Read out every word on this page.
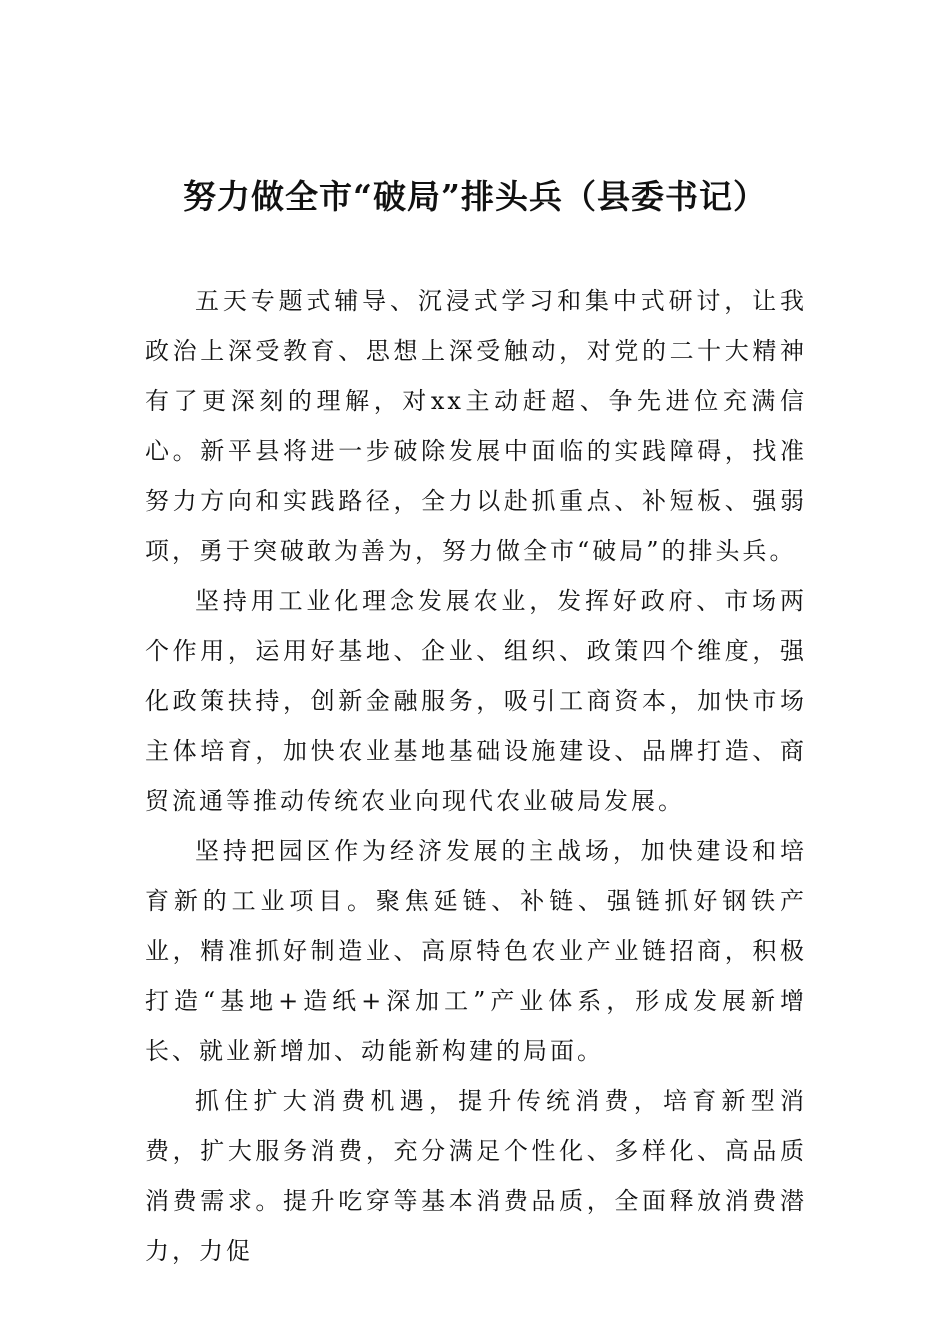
努力做全市“破局”排头兵（县委书记）

五天专题式辅导、沉浸式学习和集中式研讨，让我政治上深受教育、思想上深受触动，对党的二十大精神有了更深刻的理解，对xx主动赶超、争先进位充满信心。新平县将进一步破除发展中面临的实践障碍，找准努力方向和实践路径，全力以赴抓重点、补短板、强弱项，勇于突破敢为善为，努力做全市“破局”的排头兵。

坚持用工业化理念发展农业，发挥好政府、市场两个作用，运用好基地、企业、组织、政策四个维度，强化政策扶持，创新金融服务，吸引工商资本，加快市场主体培育，加快农业基地基础设施建设、品牌打造、商贸流通等推动传统农业向现代农业破局发展。

坚持把园区作为经济发展的主战场，加快建设和培育新的工业项目。聚焦延链、补链、强链抓好钢铁产业，精准抓好制造业、高原特色农业产业链招商，积极打造“基地+造纸+深加工”产业体系，形成发展新增长、就业新增加、动能新构建的局面。

抓住扩大消费机遇，提升传统消费，培育新型消费，扩大服务消费，充分满足个性化、多样化、高品质消费需求。提升吃穿等基本消费品质，全面释放消费潜力，力促
